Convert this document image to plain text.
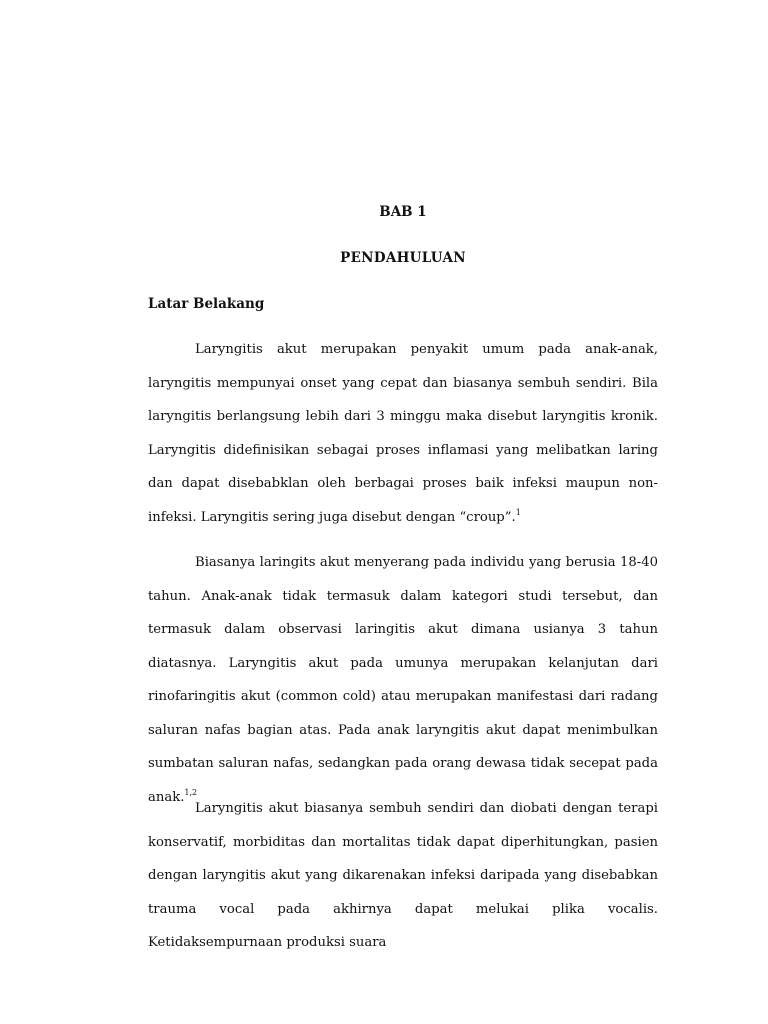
BAB 1
PENDAHULUAN
Latar Belakang

Laryngitis akut merupakan penyakit umum pada anak-anak, laryngitis mempunyai onset yang cepat dan biasanya sembuh sendiri. Bila laryngitis berlangsung lebih dari 3 minggu maka disebut laryngitis kronik. Laryngitis didefinisikan sebagai proses inflamasi yang melibatkan laring dan dapat disebabklan oleh berbagai proses baik infeksi maupun non-infeksi. Laryngitis sering juga disebut dengan “croup”.$^1$

Biasanya laringits akut menyerang pada individu yang berusia 18-40 tahun. Anak-anak tidak termasuk dalam kategori studi tersebut, dan termasuk dalam observasi laringitis akut dimana usianya 3 tahun diatasnya. Laryngitis akut pada umunya merupakan kelanjutan dari rinofaringitis akut (common cold) atau merupakan manifestasi dari radang saluran nafas bagian atas. Pada anak laryngitis akut dapat menimbulkan sumbatan saluran nafas, sedangkan pada orang dewasa tidak secepat pada anak.$^{1,2}$

Laryngitis akut biasanya sembuh sendiri dan diobati dengan terapi konservatif, morbiditas dan mortalitas tidak dapat diperhitungkan, pasien dengan laryngitis akut yang dikarenakan infeksi daripada yang disebabkan trauma vocal pada akhirnya dapat melukai plika vocalis. Ketidaksempurnaan produksi suara
